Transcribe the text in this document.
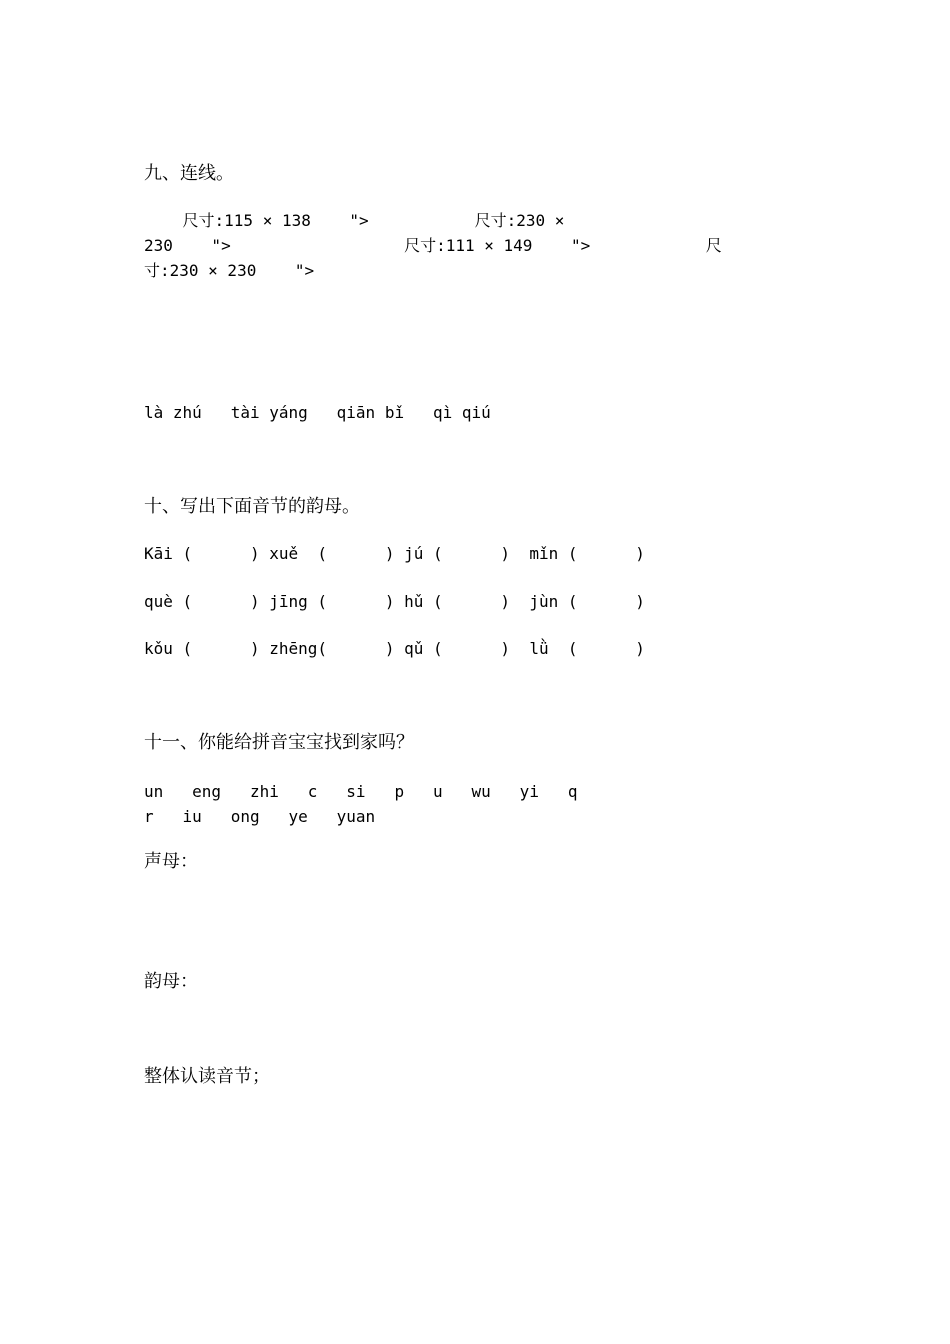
九、连线。
尺寸:115 × 138    ">           尺寸:230 ×
230    ">                  尺寸:111 × 149    ">            尺
寸:230 × 230    ">
là zhú   tài yáng   qiān bǐ   qì qiú
十、写出下面音节的韵母。
Kāi (      ) xuě  (      ) jú (      )  mǐn (      )
què (      ) jīng (      ) hǔ (      )  jùn (      )
kǒu (      ) zhēng(      ) qǔ (      )  lǜ  (      )
十一、你能给拼音宝宝找到家吗？
un   eng   zhi   c   si   p   u   wu   yi   q
r   iu   ong   ye   yuan
声母：
韵母：
整体认读音节；
